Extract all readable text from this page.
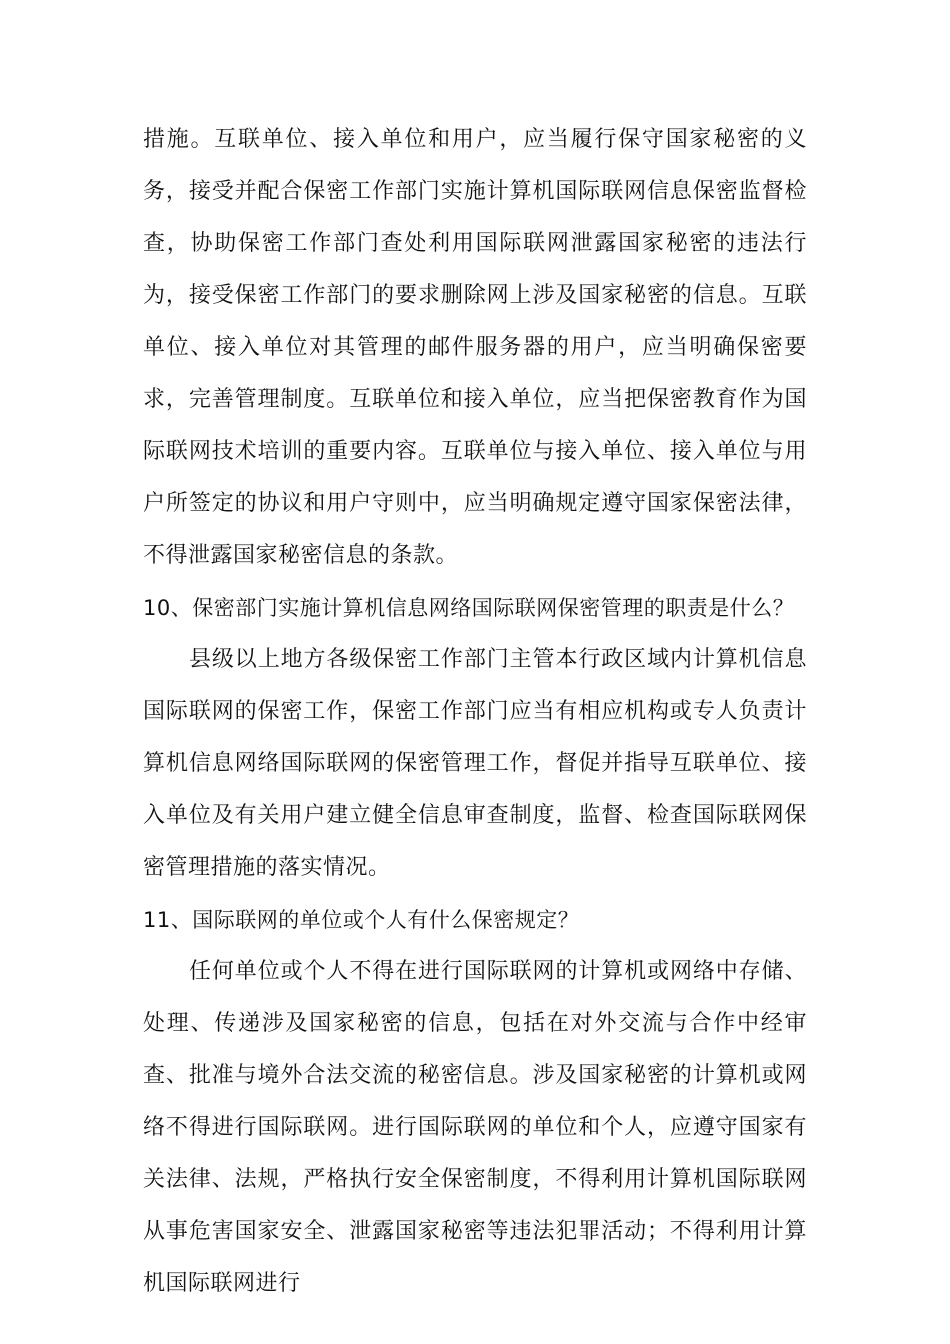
措施。互联单位、接入单位和用户，应当履行保守国家秘密的义务，接受并配合保密工作部门实施计算机国际联网信息保密监督检查，协助保密工作部门查处利用国际联网泄露国家秘密的违法行为，接受保密工作部门的要求删除网上涉及国家秘密的信息。互联单位、接入单位对其管理的邮件服务器的用户，应当明确保密要求，完善管理制度。互联单位和接入单位，应当把保密教育作为国际联网技术培训的重要内容。互联单位与接入单位、接入单位与用户所签定的协议和用户守则中，应当明确规定遵守国家保密法律，不得泄露国家秘密信息的条款。

10、保密部门实施计算机信息网络国际联网保密管理的职责是什么？

县级以上地方各级保密工作部门主管本行政区域内计算机信息国际联网的保密工作，保密工作部门应当有相应机构或专人负责计算机信息网络国际联网的保密管理工作，督促并指导互联单位、接入单位及有关用户建立健全信息审查制度，监督、检查国际联网保密管理措施的落实情况。

11、国际联网的单位或个人有什么保密规定？

任何单位或个人不得在进行国际联网的计算机或网络中存储、处理、传递涉及国家秘密的信息，包括在对外交流与合作中经审查、批准与境外合法交流的秘密信息。涉及国家秘密的计算机或网络不得进行国际联网。进行国际联网的单位和个人，应遵守国家有关法律、法规，严格执行安全保密制度，不得利用计算机国际联网从事危害国家安全、泄露国家秘密等违法犯罪活动；不得利用计算机国际联网进行
